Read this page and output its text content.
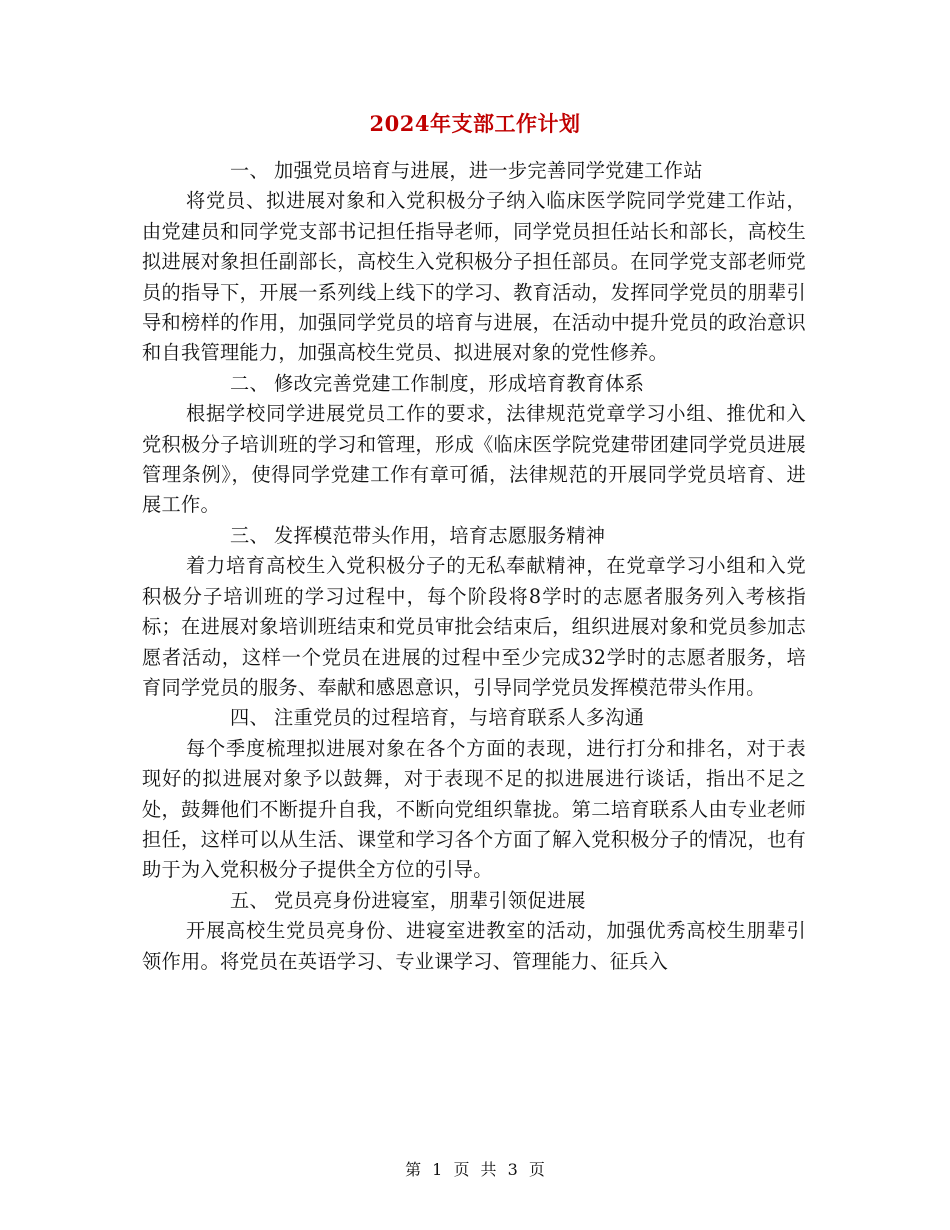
2024年支部工作计划

一、 加强党员培育与进展，进一步完善同学党建工作站

将党员、拟进展对象和入党积极分子纳入临床医学院同学党建工作站，由党建员和同学党支部书记担任指导老师，同学党员担任站长和部长，高校生拟进展对象担任副部长，高校生入党积极分子担任部员。在同学党支部老师党员的指导下，开展一系列线上线下的学习、教育活动，发挥同学党员的朋辈引导和榜样的作用，加强同学党员的培育与进展，在活动中提升党员的政治意识和自我管理能力，加强高校生党员、拟进展对象的党性修养。

二、 修改完善党建工作制度，形成培育教育体系

根据学校同学进展党员工作的要求，法律规范党章学习小组、推优和入党积极分子培训班的学习和管理，形成《临床医学院党建带团建同学党员进展管理条例》，使得同学党建工作有章可循，法律规范的开展同学党员培育、进展工作。

三、 发挥模范带头作用，培育志愿服务精神

着力培育高校生入党积极分子的无私奉献精神，在党章学习小组和入党积极分子培训班的学习过程中，每个阶段将8学时的志愿者服务列入考核指标；在进展对象培训班结束和党员审批会结束后，组织进展对象和党员参加志愿者活动，这样一个党员在进展的过程中至少完成32学时的志愿者服务，培育同学党员的服务、奉献和感恩意识，引导同学党员发挥模范带头作用。

四、 注重党员的过程培育，与培育联系人多沟通

每个季度梳理拟进展对象在各个方面的表现，进行打分和排名，对于表现好的拟进展对象予以鼓舞，对于表现不足的拟进展进行谈话，指出不足之处，鼓舞他们不断提升自我，不断向党组织靠拢。第二培育联系人由专业老师担任，这样可以从生活、课堂和学习各个方面了解入党积极分子的情况，也有助于为入党积极分子提供全方位的引导。

五、 党员亮身份进寝室，朋辈引领促进展

开展高校生党员亮身份、进寝室进教室的活动，加强优秀高校生朋辈引领作用。将党员在英语学习、专业课学习、管理能力、征兵入

第 1 页 共 3 页
